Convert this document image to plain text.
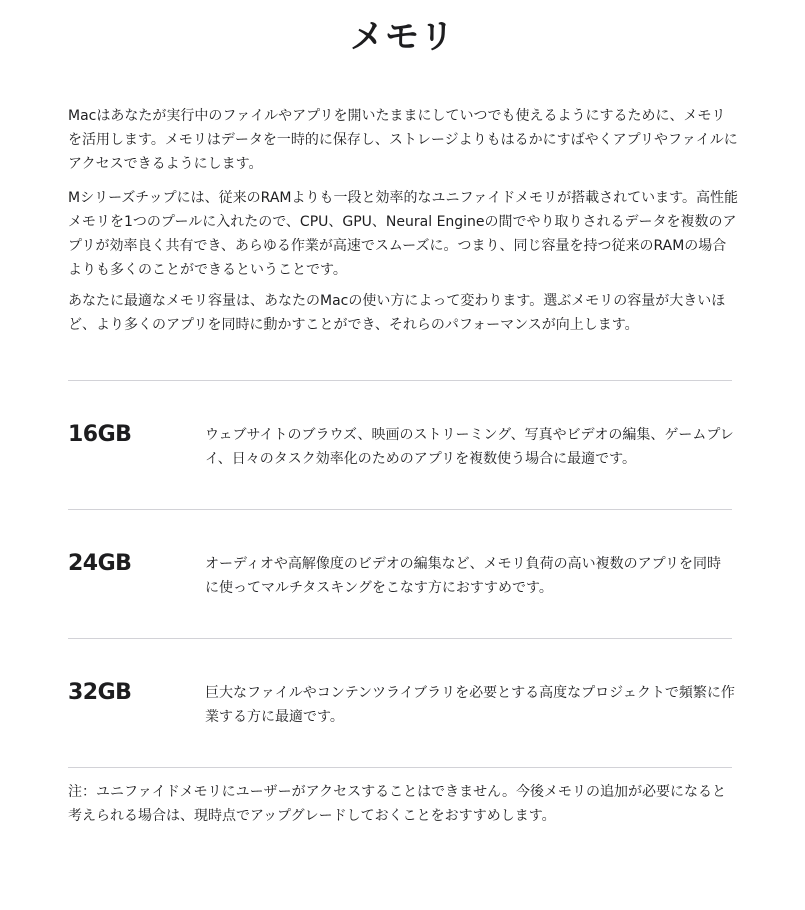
メモリ

Macはあなたが実行中のファイルやアプリを開いたままにしていつでも使えるようにするために、メモリを活用します。メモリはデータを一時的に保存し、ストレージよりもはるかにすばやくアプリやファイルにアクセスできるようにします。

Mシリーズチップには、従来のRAMよりも一段と効率的なユニファイドメモリが搭載されています。高性能メモリを1つのプールに入れたので、CPU、GPU、Neural Engineの間でやり取りされるデータを複数のアプリが効率良く共有でき、あらゆる作業が高速でスムーズに。つまり、同じ容量を持つ従来のRAMの場合よりも多くのことができるということです。

あなたに最適なメモリ容量は、あなたのMacの使い方によって変わります。選ぶメモリの容量が大きいほど、より多くのアプリを同時に動かすことができ、それらのパフォーマンスが向上します。

16GB	ウェブサイトのブラウズ、映画のストリーミング、写真やビデオの編集、ゲームプレイ、日々のタスク効率化のためのアプリを複数使う場合に最適です。

24GB	オーディオや高解像度のビデオの編集など、メモリ負荷の高い複数のアプリを同時に使ってマルチタスキングをこなす方におすすめです。

32GB	巨大なファイルやコンテンツライブラリを必要とする高度なプロジェクトで頻繁に作業する方に最適です。

注：ユニファイドメモリにユーザーがアクセスすることはできません。今後メモリの追加が必要になると考えられる場合は、現時点でアップグレードしておくことをおすすめします。
